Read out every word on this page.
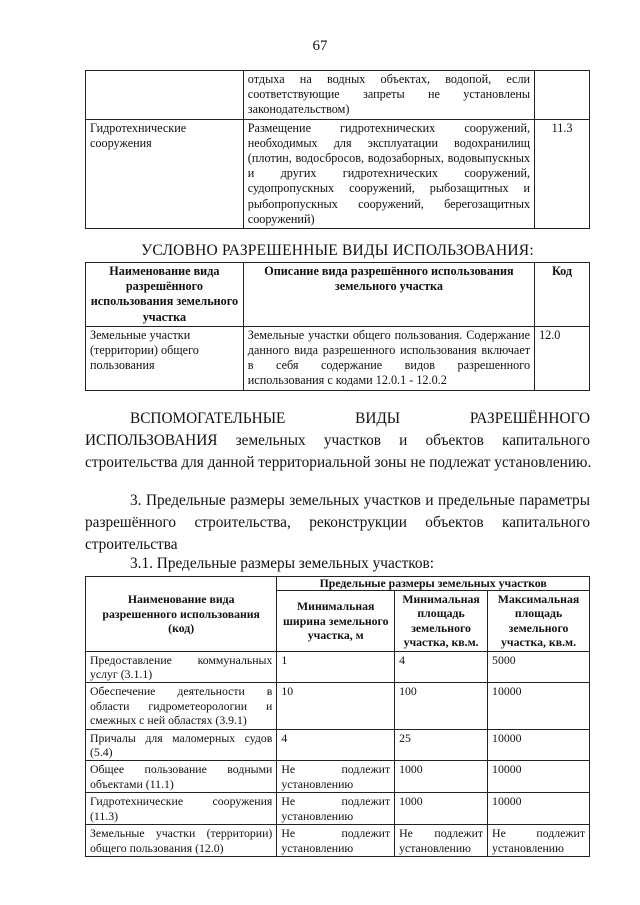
67
	отдыха на водных объектах, водопой, если соответствующие запреты не установлены законодательством)	
Гидротехнические сооружения	Размещение гидротехнических сооружений, необходимых для эксплуатации водохранилищ (плотин, водосбросов, водозаборных, водовыпускных и других гидротехнических сооружений, судопропускных сооружений, рыбозащитных и рыбопропускных сооружений, берегозащитных сооружений)	11.3
УСЛОВНО РАЗРЕШЕННЫЕ ВИДЫ ИСПОЛЬЗОВАНИЯ:
Наименование вида разрешённого использования земельного участка	Описание вида разрешённого использования земельного участка	Код
Земельные участки (территории) общего пользования	Земельные участки общего пользования. Содержание данного вида разрешенного использования включает в себя содержание видов разрешенного использования с кодами 12.0.1 - 12.0.2	12.0
ВСПОМОГАТЕЛЬНЫЕ ВИДЫ РАЗРЕШЁННОГО
ИСПОЛЬЗОВАНИЯ земельных участков и объектов капитального
строительства для данной территориальной зоны не подлежат установлению.
3. Предельные размеры земельных участков и предельные параметры
разрешённого строительства, реконструкции объектов капитального
строительства
3.1. Предельные размеры земельных участков:
Наименование вида разрешенного использования (код)	Предельные размеры земельных участков		
	Минимальная ширина земельного участка, м	Минимальная площадь земельного участка, кв.м.	Максимальная площадь земельного участка, кв.м.
Предоставление коммунальных услуг (3.1.1)	1	4	5000
Обеспечение деятельности в области гидрометеорологии и смежных с ней областях (3.9.1)	10	100	10000
Причалы для маломерных судов (5.4)	4	25	10000
Общее пользование водными объектами (11.1)	Не подлежит установлению	1000	10000
Гидротехнические сооружения (11.3)	Не подлежит установлению	1000	10000
Земельные участки (территории) общего пользования (12.0)	Не подлежит установлению	Не подлежит установлению	Не подлежит установлению
